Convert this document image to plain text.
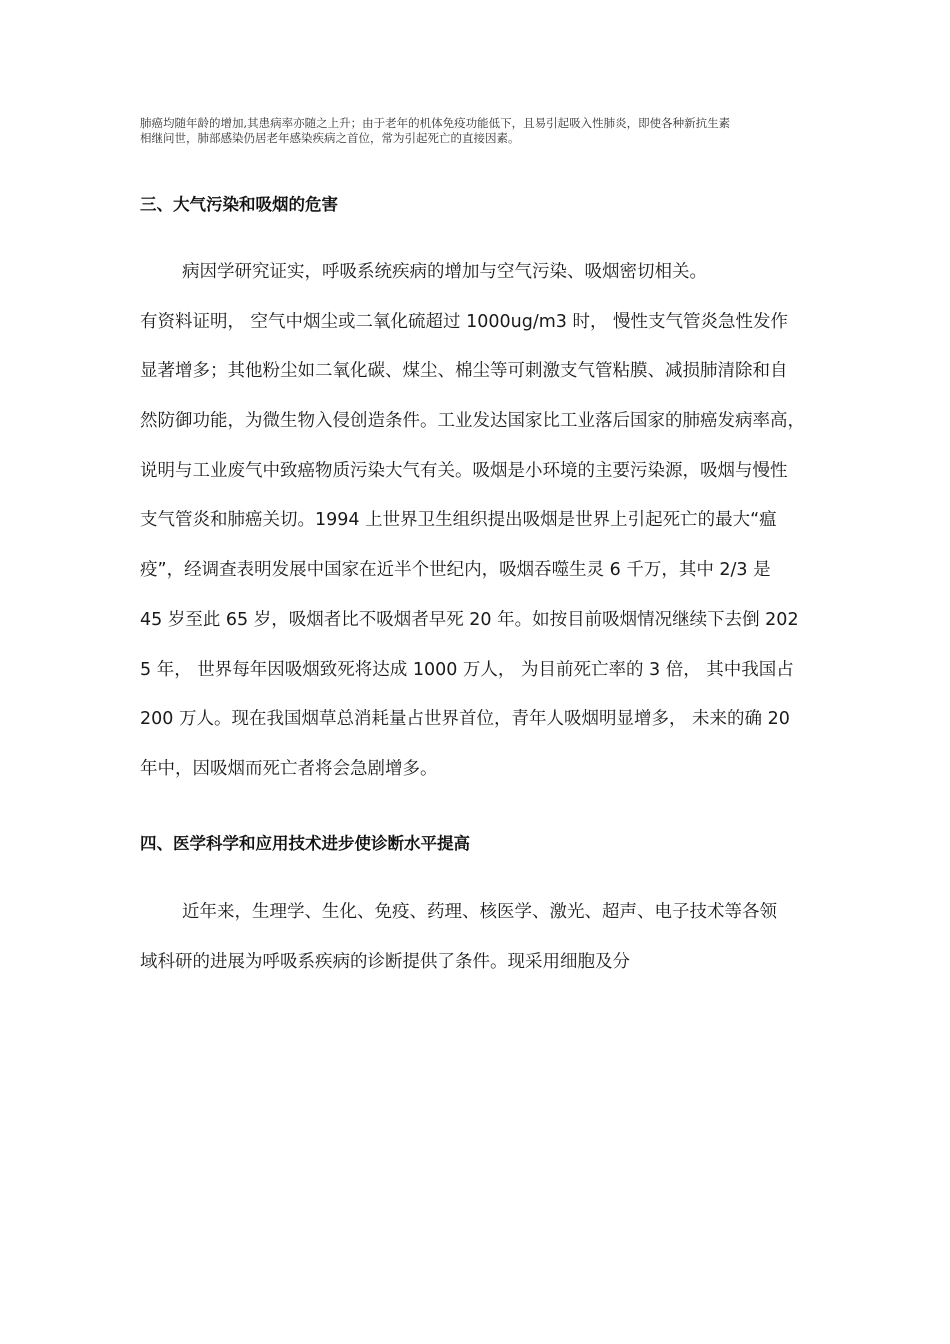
肺癌均随年龄的增加,其患病率亦随之上升；由于老年的机体免疫功能低下，且易引起吸入性肺炎，即使各种新抗生素
相继问世，肺部感染仍居老年感染疾病之首位，常为引起死亡的直接因素。
三、大气污染和吸烟的危害
病因学研究证实，呼吸系统疾病的增加与空气污染、吸烟密切相关。
有资料证明， 空气中烟尘或二氧化硫超过 1000ug/m3 时， 慢性支气管炎急性发作
显著增多；其他粉尘如二氧化碳、煤尘、棉尘等可刺激支气管粘膜、减损肺清除和自
然防御功能，为微生物入侵创造条件。工业发达国家比工业落后国家的肺癌发病率高，
说明与工业废气中致癌物质污染大气有关。吸烟是小环境的主要污染源，吸烟与慢性
支气管炎和肺癌关切。1994 上世界卫生组织提出吸烟是世界上引起死亡的最大“瘟
疫”，经调查表明发展中国家在近半个世纪内，吸烟吞噬生灵 6 千万，其中 2/3 是
45 岁至此 65 岁，吸烟者比不吸烟者早死 20 年。如按目前吸烟情况继续下去倒 202
5 年， 世界每年因吸烟致死将达成 1000 万人， 为目前死亡率的 3 倍， 其中我国占
200 万人。现在我国烟草总消耗量占世界首位，青年人吸烟明显增多， 未来的确 20
年中，因吸烟而死亡者将会急剧增多。
四、医学科学和应用技术进步使诊断水平提高
近年来，生理学、生化、免疫、药理、核医学、激光、超声、电子技术等各领
域科研的进展为呼吸系疾病的诊断提供了条件。现采用细胞及分
